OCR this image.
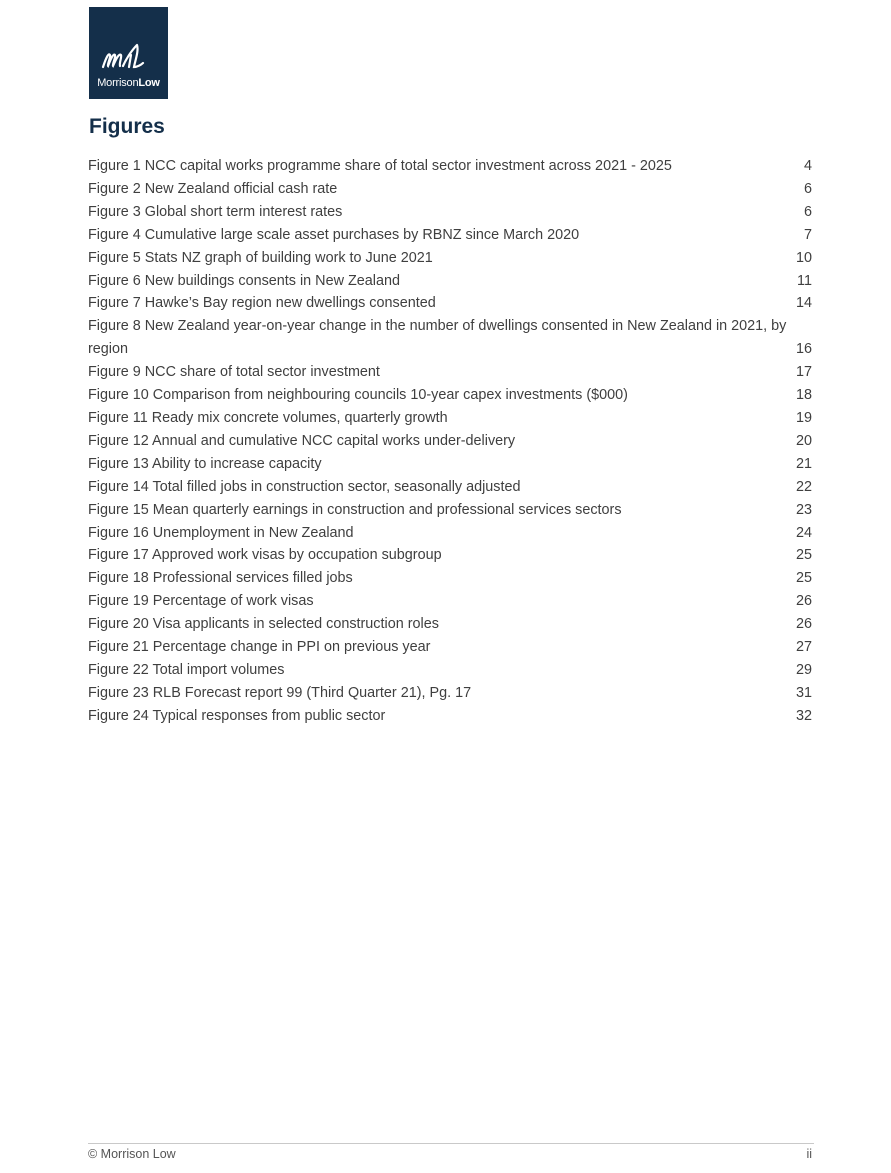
MorrisonLow
Figures
Figure 1 NCC capital works programme share of total sector investment across 2021 - 2025	4
Figure 2 New Zealand official cash rate	6
Figure 3 Global short term interest rates	6
Figure 4 Cumulative large scale asset purchases by RBNZ since March 2020	7
Figure 5 Stats NZ graph of building work to June 2021	10
Figure 6 New buildings consents in New Zealand	11
Figure 7 Hawke’s Bay region new dwellings consented	14
Figure 8 New Zealand year-on-year change in the number of dwellings consented in New Zealand in 2021, by region	16
Figure 9 NCC share of total sector investment	17
Figure 10 Comparison from neighbouring councils 10-year capex investments ($000)	18
Figure 11 Ready mix concrete volumes, quarterly growth	19
Figure 12 Annual and cumulative NCC capital works under-delivery	20
Figure 13 Ability to increase capacity	21
Figure 14 Total filled jobs in construction sector, seasonally adjusted	22
Figure 15 Mean quarterly earnings in construction and professional services sectors	23
Figure 16 Unemployment in New Zealand	24
Figure 17 Approved work visas by occupation subgroup	25
Figure 18 Professional services filled jobs	25
Figure 19 Percentage of work visas	26
Figure 20 Visa applicants in selected construction roles	26
Figure 21 Percentage change in PPI on previous year	27
Figure 22 Total import volumes	29
Figure 23 RLB Forecast report 99 (Third Quarter 21), Pg. 17	31
Figure 24 Typical responses from public sector	32
© Morrison Low	ii
